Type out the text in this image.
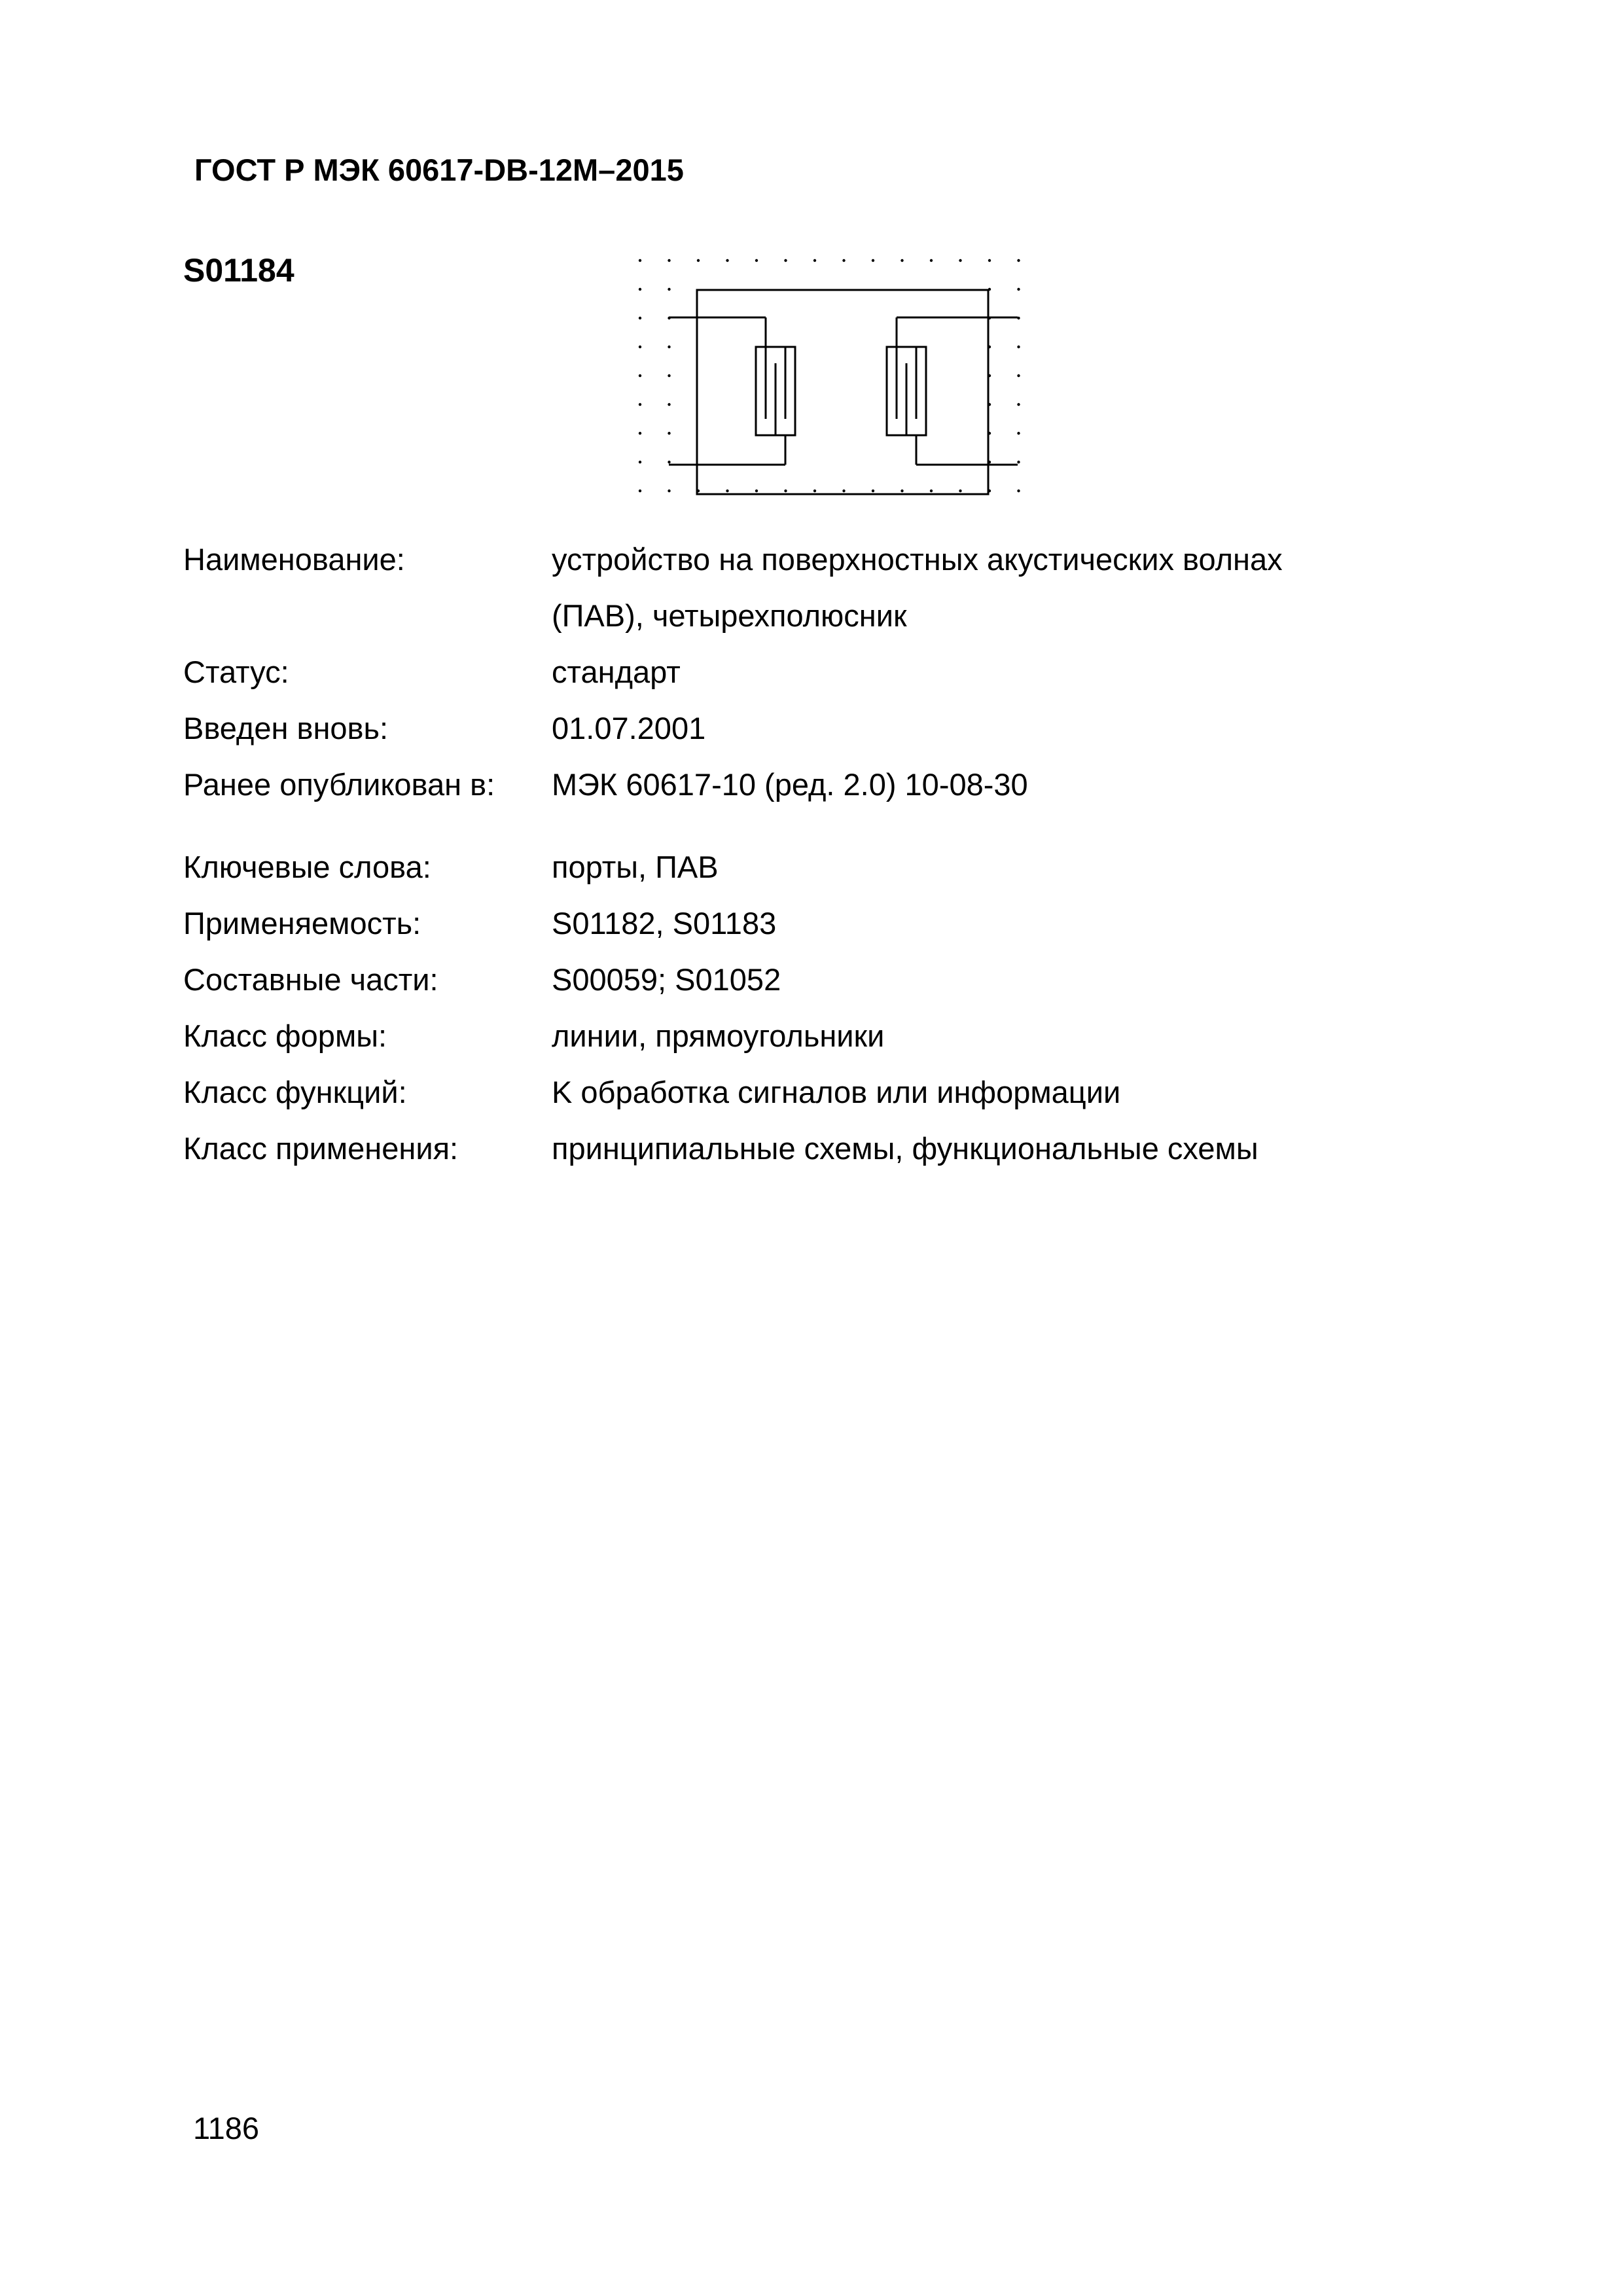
ГОСТ Р МЭК 60617-DB-12M–2015
S01184
Наименование:	устройство на поверхностных акустических волнах
(ПАВ), четырехполюсник
Статус:	стандарт
Введен вновь:	01.07.2001
Ранее опубликован в:	МЭК 60617-10 (ред. 2.0) 10-08-30
Ключевые слова:	порты, ПАВ
Применяемость:	S01182, S01183
Составные части:	S00059; S01052
Класс формы:	линии, прямоугольники
Класс функций:	K обработка сигналов или информации
Класс применения:	принципиальные схемы, функциональные схемы
1186
